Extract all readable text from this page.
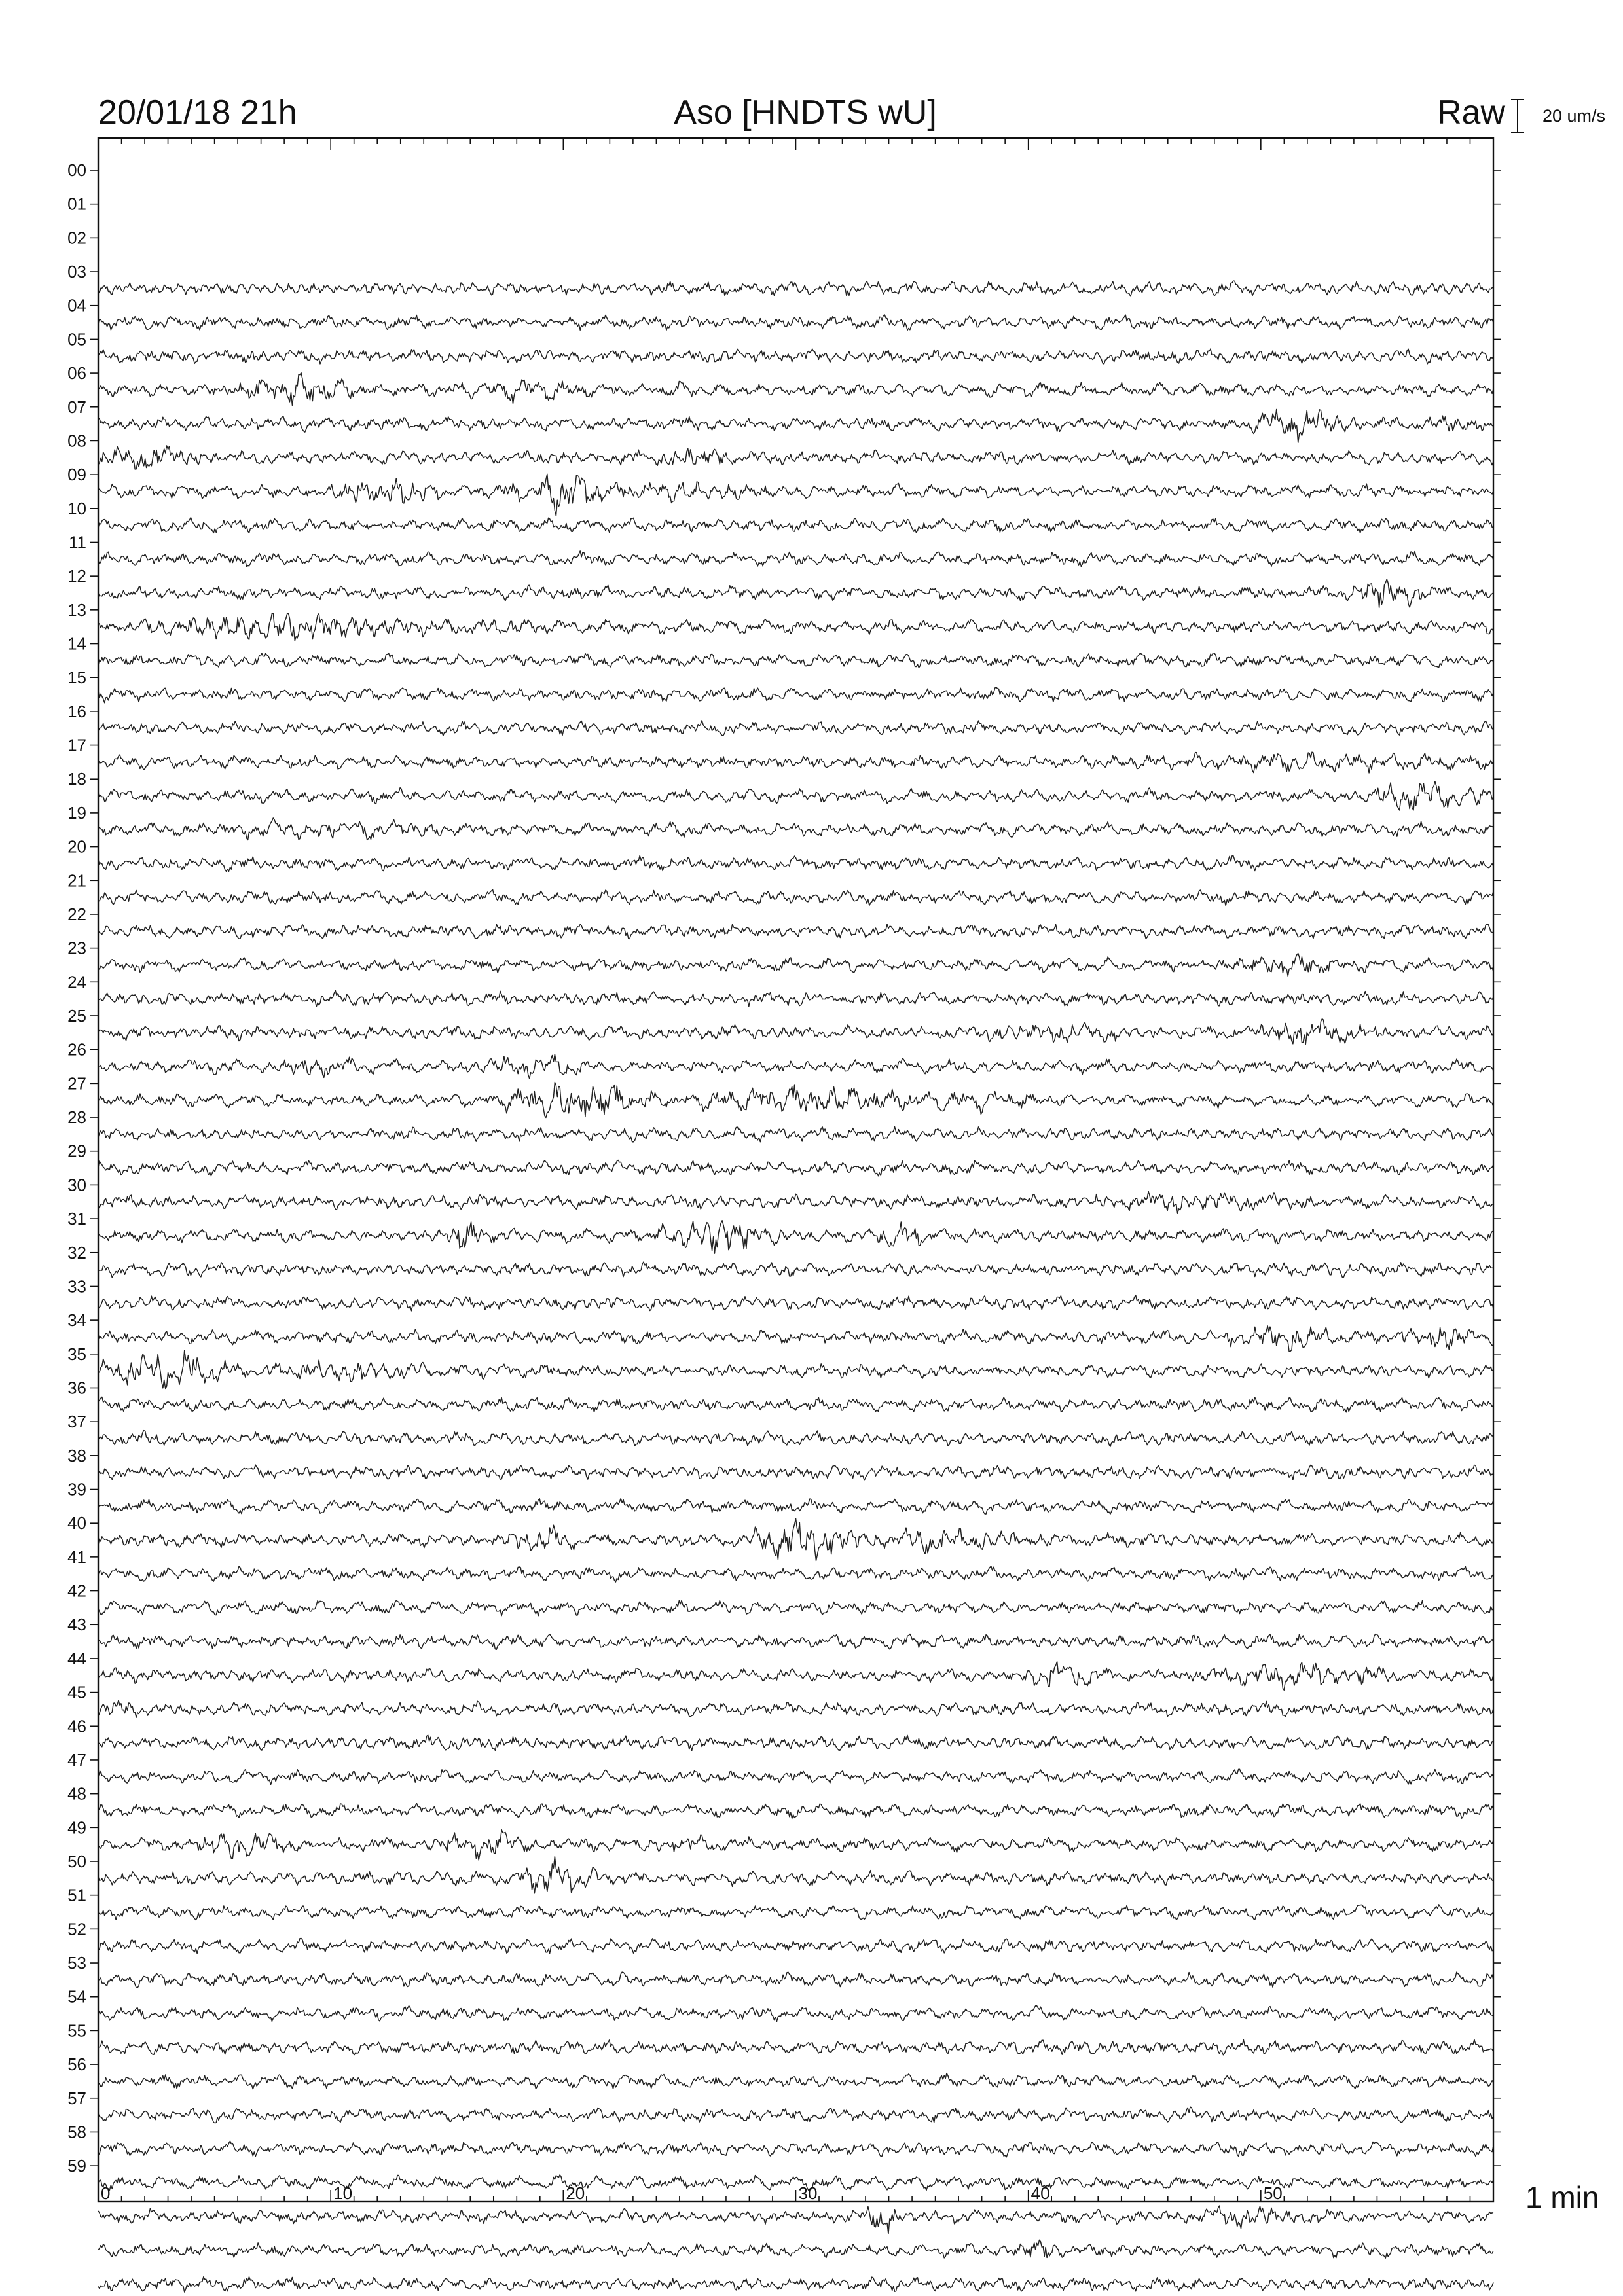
00
01
02
03
04
05
06
07
08
09
10
11
12
13
14
15
16
17
18
19
20
21
22
23
24
25
26
27
28
29
30
31
32
33
34
35
36
37
38
39
40
41
42
43
44
45
46
47
48
49
50
51
52
53
54
55
56
57
58
59
0	10	20	30	40	50
20/01/18 21h	Aso [HNDTS wU]	Raw 20 um/s
1 min
